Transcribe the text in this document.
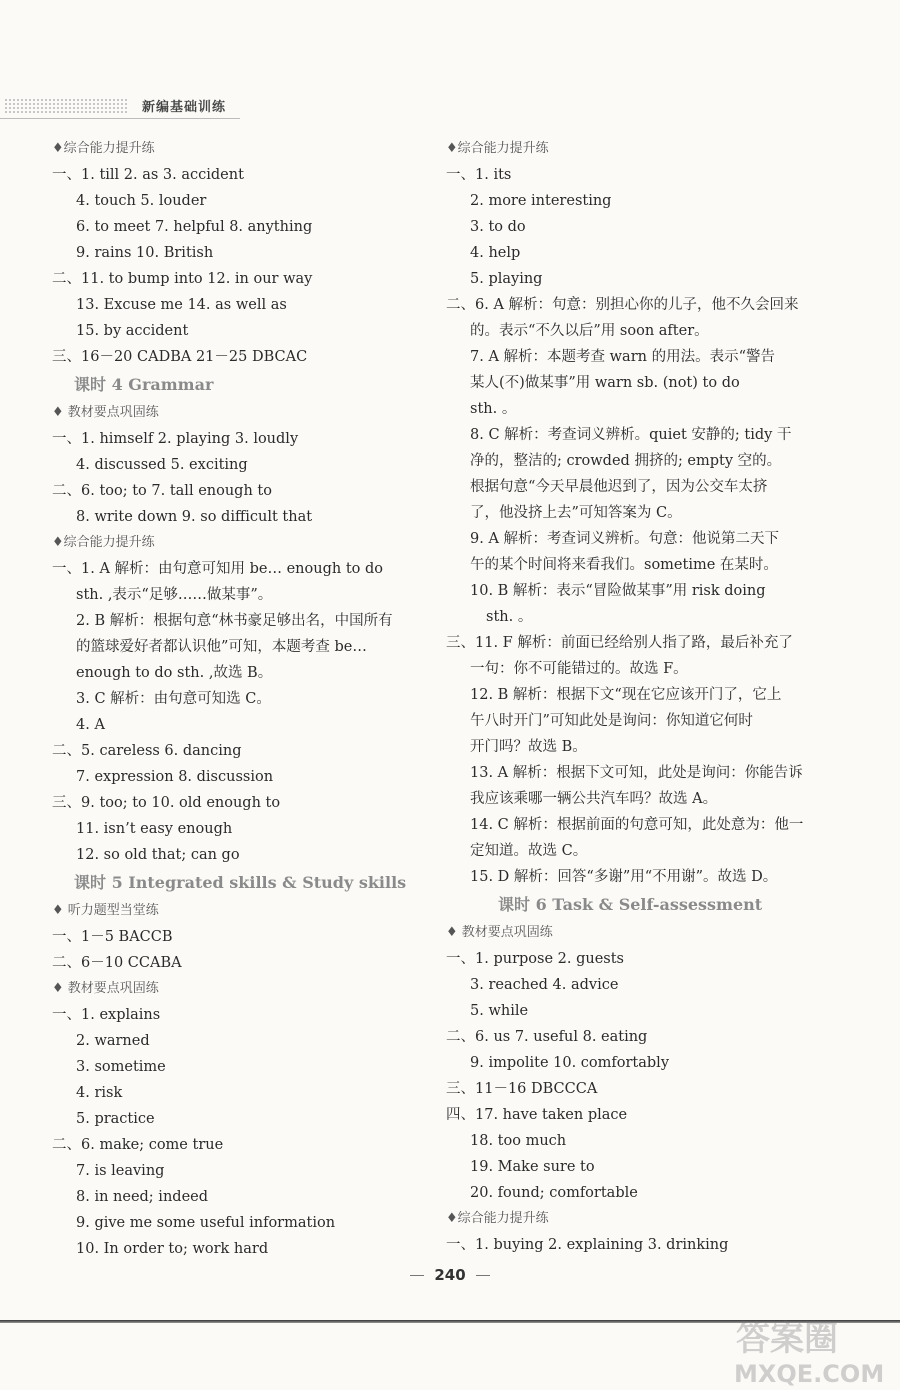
新编基础训练
♦综合能力提升练
一、1. till 2. as 3. accident
4. touch 5. louder
6. to meet 7. helpful 8. anything
9. rains 10. British
二、11. to bump into 12. in our way
13. Excuse me 14. as well as
15. by accident
三、16－20 CADBA 21－25 DBCAC
课时 4 Grammar
♦ 教材要点巩固练
一、1. himself 2. playing 3. loudly
4. discussed 5. exciting
二、6. too; to 7. tall enough to
8. write down 9. so difficult that
♦综合能力提升练
一、1. A 解析：由句意可知用 be… enough to do
sth. ,表示“足够……做某事”。
2. B 解析：根据句意“林书豪足够出名，中国所有
的篮球爱好者都认识他”可知，本题考查 be…
enough to do sth. ,故选 B。
3. C 解析：由句意可知选 C。
4. A
二、5. careless 6. dancing
7. expression 8. discussion
三、9. too; to 10. old enough to
11. isn’t easy enough
12. so old that; can go
课时 5 Integrated skills & Study skills
♦ 听力题型当堂练
一、1－5 BACCB
二、6－10 CCABA
♦ 教材要点巩固练
一、1. explains
2. warned
3. sometime
4. risk
5. practice
二、6. make; come true
7. is leaving
8. in need; indeed
9. give me some useful information
10. In order to; work hard
♦综合能力提升练
一、1. its
2. more interesting
3. to do
4. help
5. playing
二、6. A 解析：句意：别担心你的儿子，他不久会回来
的。表示“不久以后”用 soon after。
7. A 解析：本题考查 warn 的用法。表示“警告
某人(不)做某事”用 warn sb. (not) to do
sth. 。
8. C 解析：考查词义辨析。quiet 安静的; tidy 干
净的，整洁的; crowded 拥挤的; empty 空的。
根据句意“今天早晨他迟到了，因为公交车太挤
了，他没挤上去”可知答案为 C。
9. A 解析：考查词义辨析。句意：他说第二天下
午的某个时间将来看我们。sometime 在某时。
10. B 解析：表示“冒险做某事”用 risk doing
sth. 。
三、11. F 解析：前面已经给别人指了路，最后补充了
一句：你不可能错过的。故选 F。
12. B 解析：根据下文“现在它应该开门了，它上
午八时开门”可知此处是询问：你知道它何时
开门吗？故选 B。
13. A 解析：根据下文可知，此处是询问：你能告诉
我应该乘哪一辆公共汽车吗？故选 A。
14. C 解析：根据前面的句意可知，此处意为：他一
定知道。故选 C。
15. D 解析：回答“多谢”用“不用谢”。故选 D。
课时 6 Task & Self-assessment
♦ 教材要点巩固练
一、1. purpose 2. guests
3. reached 4. advice
5. while
二、6. us 7. useful 8. eating
9. impolite 10. comfortably
三、11－16 DBCCCA
四、17. have taken place
18. too much
19. Make sure to
20. found; comfortable
♦综合能力提升练
一、1. buying 2. explaining 3. drinking
240
答案圈
MXQE.COM
